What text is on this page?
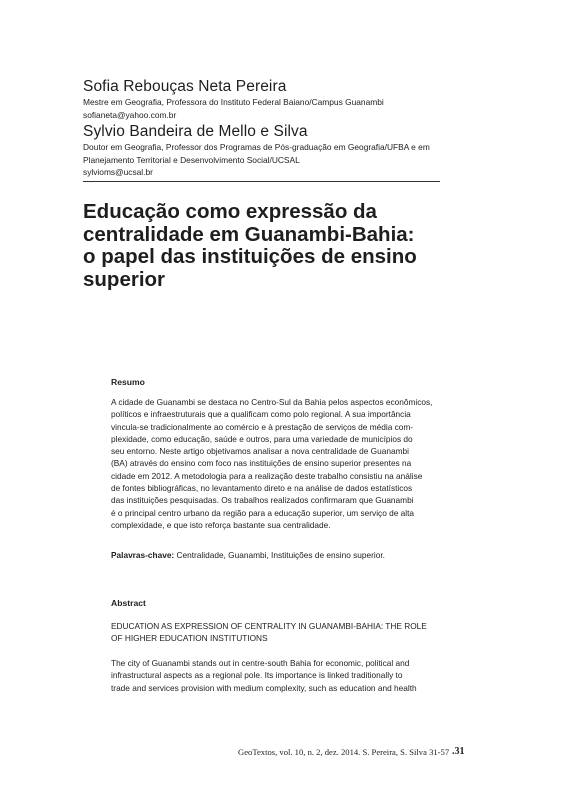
Sofia Rebouças Neta Pereira
Mestre em Geografia, Professora do Instituto Federal Baiano/Campus Guanambi
sofianeta@yahoo.com.br
Sylvio Bandeira de Mello e Silva
Doutor em Geografia, Professor dos Programas de Pós-graduação em Geografia/UFBA e em
Planejamento Territorial e Desenvolvimento Social/UCSAL
sylvioms@ucsal.br
Educação como expressão da
centralidade em Guanambi-Bahia:
o papel das instituições de ensino
superior
Resumo
A cidade de Guanambi se destaca no Centro-Sul da Bahia pelos aspectos econômicos,
políticos e infraestruturais que a qualificam como polo regional. A sua importância
vincula-se tradicionalmente ao comércio e à prestação de serviços de média com-
plexidade, como educação, saúde e outros, para uma variedade de municípios do
seu entorno. Neste artigo objetivamos analisar a nova centralidade de Guanambi
(BA) através do ensino com foco nas instituições de ensino superior presentes na
cidade em 2012. A metodologia para a realização deste trabalho consistiu na análise
de fontes bibliográficas, no levantamento direto e na análise de dados estatísticos
das instituições pesquisadas. Os trabalhos realizados confirmaram que Guanambi
é o principal centro urbano da região para a educação superior, um serviço de alta
complexidade, e que isto reforça bastante sua centralidade.
Palavras-chave: Centralidade, Guanambi, Instituições de ensino superior.
Abstract
EDUCATION AS EXPRESSION OF CENTRALITY IN GUANAMBI-BAHIA: THE ROLE
OF HIGHER EDUCATION INSTITUTIONS
The city of Guanambi stands out in centre-south Bahia for economic, political and
infrastructural aspects as a regional pole. Its importance is linked traditionally to
trade and services provision with medium complexity, such as education and health
GeoTextos, vol. 10, n. 2, dez. 2014. S. Pereira, S. Silva 31-57 .31
